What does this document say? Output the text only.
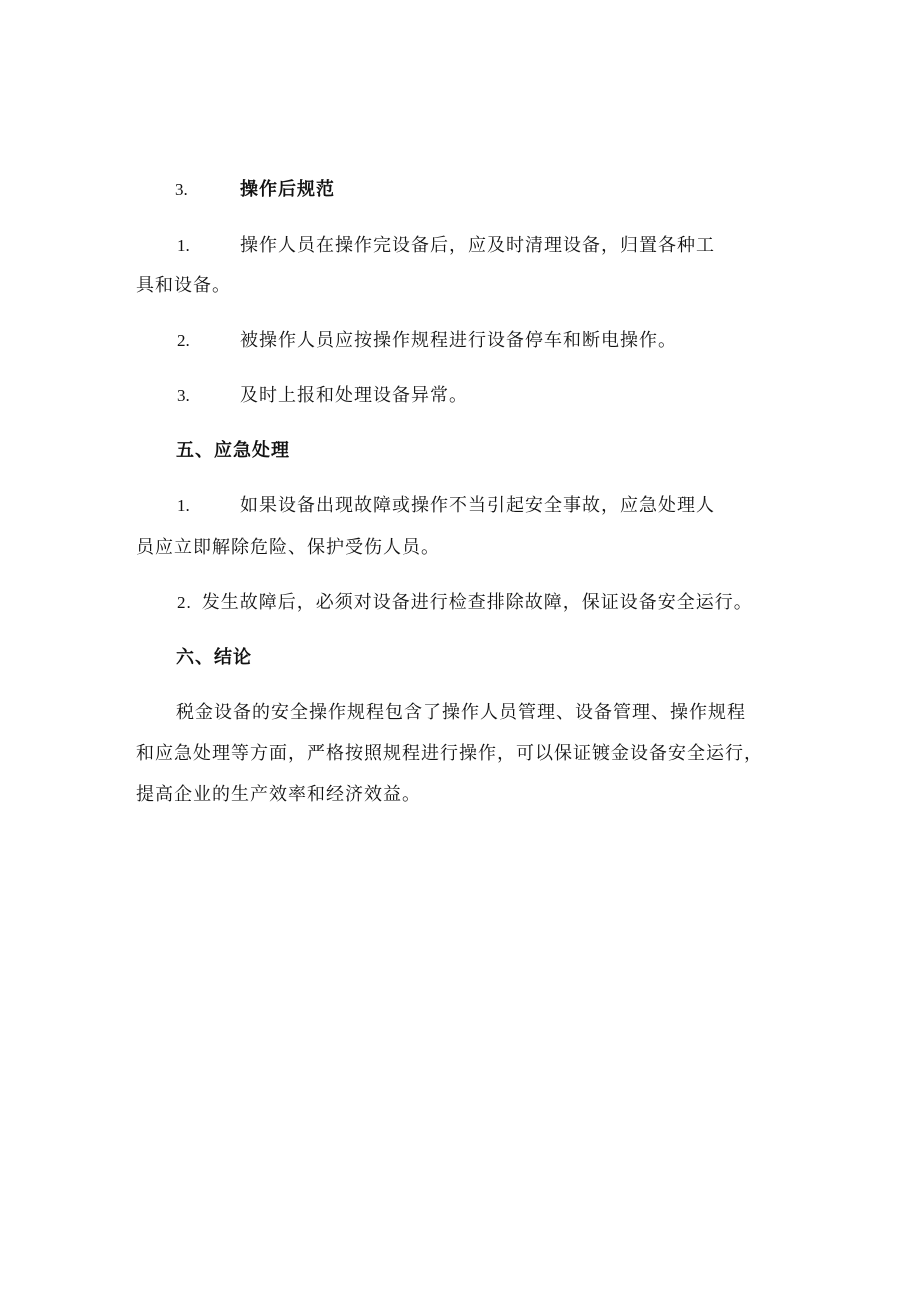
3.	操作后规范
1.	操作人员在操作完设备后，应及时清理设备，归置各种工
具和设备。
2.	被操作人员应按操作规程进行设备停车和断电操作。
3.	及时上报和处理设备异常。
五、应急处理
1.	如果设备出现故障或操作不当引起安全事故，应急处理人
员应立即解除危险、保护受伤人员。
2. 发生故障后，必须对设备进行检查排除故障，保证设备安全运行。
六、结论
税金设备的安全操作规程包含了操作人员管理、设备管理、操作规程
和应急处理等方面，严格按照规程进行操作，可以保证镀金设备安全运行，
提高企业的生产效率和经济效益。
